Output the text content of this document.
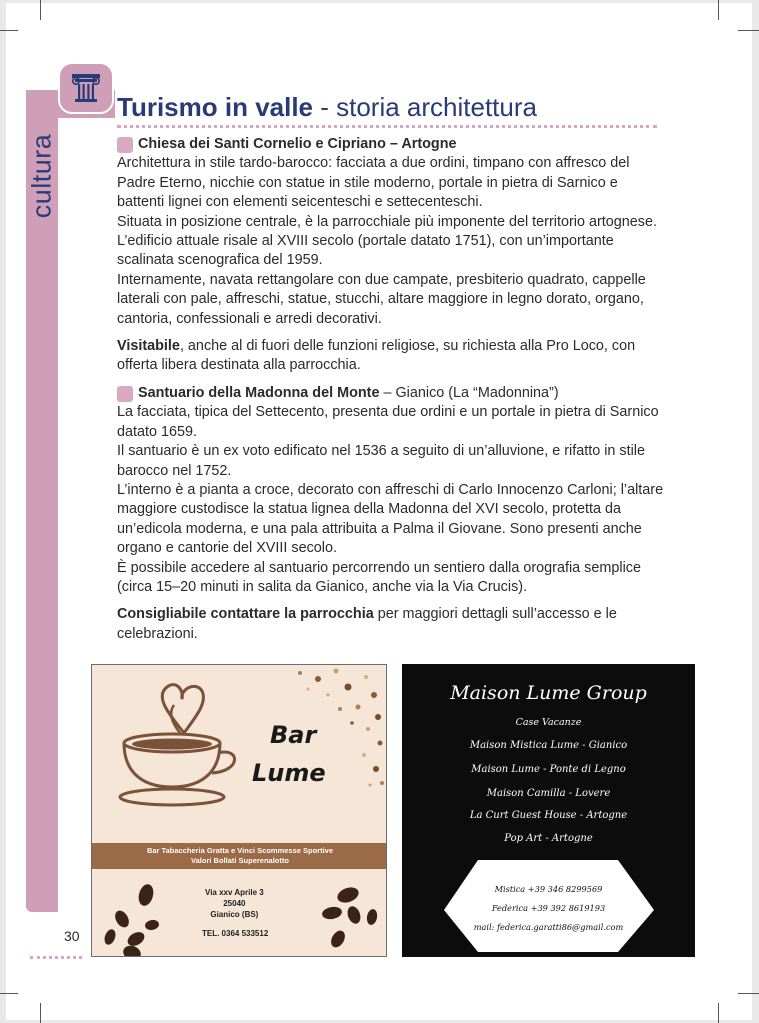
cultura
Turismo in valle - storia architettura
Chiesa dei Santi Cornelio e Cipriano – Artogne

Architettura in stile tardo-barocco: facciata a due ordini, timpano con affresco del Padre Eterno, nicchie con statue in stile moderno, portale in pietra di Sarnico e battenti lignei con elementi seicenteschi e settecenteschi.

Situata in posizione centrale, è la parrocchiale più imponente del territorio artognese. L’edificio attuale risale al XVIII secolo (portale datato 1751), con un’importante scalinata scenografica del 1959.

Internamente, navata rettangolare con due campate, presbiterio quadrato, cappelle laterali con pale, affreschi, statue, stucchi, altare maggiore in legno dorato, organo, cantoria, confessionali e arredi decorativi.

Visitabile, anche al di fuori delle funzioni religiose, su richiesta alla Pro Loco, con offerta libera destinata alla parrocchia.

Santuario della Madonna del Monte – Gianico (La “Madonnina”)

La facciata, tipica del Settecento, presenta due ordini e un portale in pietra di Sarnico datato 1659.

Il santuario è un ex voto edificato nel 1536 a seguito di un’alluvione, e rifatto in stile barocco nel 1752.

L’interno è a pianta a croce, decorato con affreschi di Carlo Innocenzo Carloni; l’altare maggiore custodisce la statua lignea della Madonna del XVI secolo, protetta da un’edicola moderna, e una pala attribuita a Palma il Giovane. Sono presenti anche organo e cantorie del XVIII secolo.

È possibile accedere al santuario percorrendo un sentiero dalla orografia semplice (circa 15–20 minuti in salita da Gianico, anche via la Via Crucis).

Consigliabile contattare la parrocchia per maggiori dettagli sull’accesso e le celebrazioni.

Bar
Lume
Bar Tabaccheria Gratta e Vinci Scommesse Sportive
Valori Bollati Superenalotto
Via xxv Aprile 3
25040
Gianico (BS)
TEL. 0364 533512
Maison Lume Group
Case Vacanze
Maison Mistica Lume - Gianico
Maison Lume - Ponte di Legno
Maison Camilla - Lovere
La Curt Guest House - Artogne
Pop Art - Artogne
Mistica +39 346 8299569
Federica +39 392 8619193
mail: federica.garatti86@gmail.com
30
